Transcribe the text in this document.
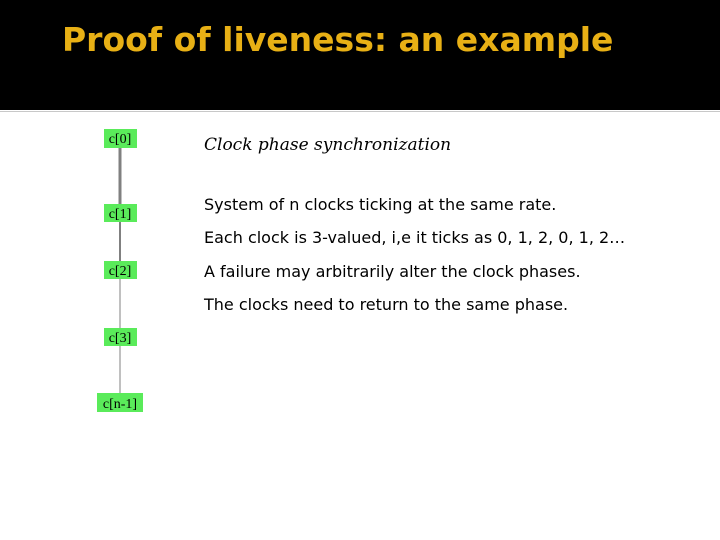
Proof of liveness: an example
c[0]
c[1]
c[2]
c[3]
c[n-1]
Clock phase synchronization
System of n clocks ticking at the same rate.
Each clock is 3-valued, i,e it ticks as 0, 1, 2, 0, 1, 2…
A failure may arbitrarily alter the clock phases.
The clocks need to return to the same phase.
